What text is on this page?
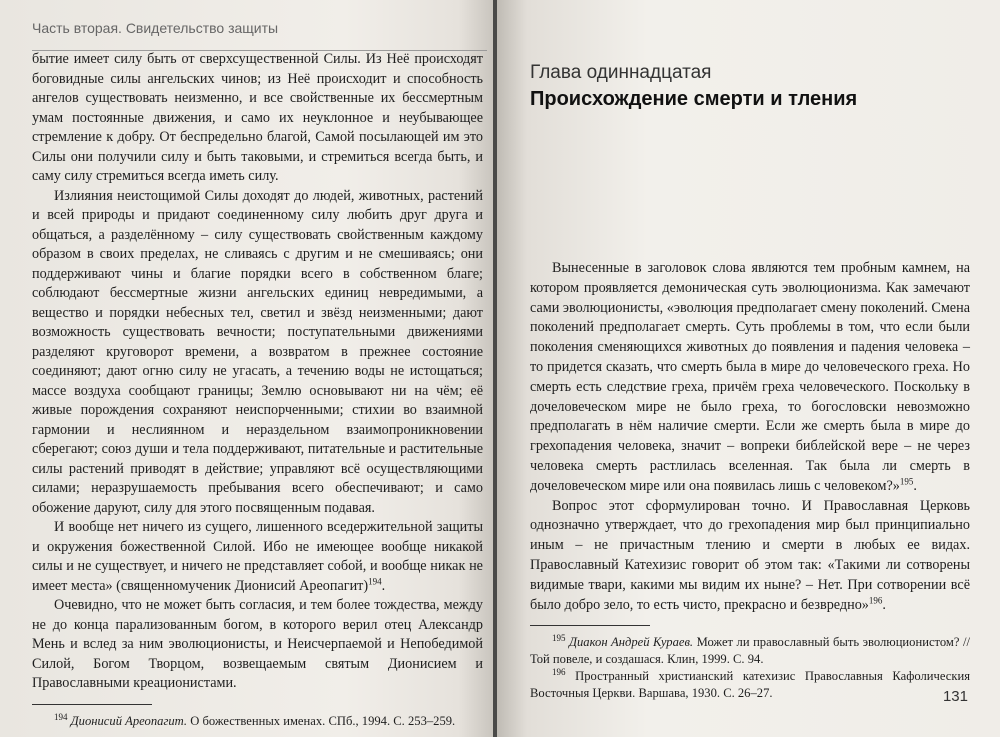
Часть вторая. Свидетельство защиты

бытие имеет силу быть от сверхсущественной Силы. Из Неё происходят боговидные силы ангельских чинов; из Неё происходит и способность ангелов существовать неизменно, и все свойственные их бессмертным умам постоянные движения, и само их неуклонное и неубывающее стремление к добру. От беспредельно благой, Самой посылающей им это Силы они получили силу и быть таковыми, и стремиться всегда быть, и саму силу стремиться всегда иметь силу.

Излияния неистощимой Силы доходят до людей, животных, растений и всей природы и придают соединенному силу любить друг друга и общаться, а разделённому – силу существовать свойственным каждому образом в своих пределах, не сливаясь с другим и не смешиваясь; они поддерживают чины и благие порядки всего в собственном благе; соблюдают бессмертные жизни ангельских единиц невредимыми, а вещество и порядки небесных тел, светил и звёзд неизменными; дают возможность существовать вечности; поступательными движениями разделяют круговорот времени, а возвратом в прежнее состояние соединяют; дают огню силу не угасать, а течению воды не истощаться; массе воздуха сообщают границы; Землю основывают ни на чём; её живые порождения сохраняют неиспорченными; стихии во взаимной гармонии и неслиянном и нераздельном взаимопроникновении сберегают; союз души и тела поддерживают, питательные и растительные силы растений приводят в действие; управляют всё осуществляющими силами; неразрушаемость пребывания всего обеспечивают; и само обожение даруют, силу для этого посвященным подавая.

И вообще нет ничего из сущего, лишенного вседержительной защиты и окружения божественной Силой. Ибо не имеющее вообще никакой силы и не существует, и ничего не представляет собой, и вообще никак не имеет места» (священномученик Дионисий Ареопагит)$^{194}$.

Очевидно, что не может быть согласия, и тем более тождества, между не до конца парализованным богом, в которого верил отец Александр Мень и вслед за ним эволюционисты, и Неисчерпаемой и Непобедимой Силой, Богом Творцом, возвещаемым святым Дионисием и Православными креационистами.

$^{194}$ Дионисий Ареопагит. О божественных именах. СПб., 1994. С. 253–259.

Глава одиннадцатая
Происхождение смерти и тления

Вынесенные в заголовок слова являются тем пробным камнем, на котором проявляется демоническая суть эволюционизма. Как замечают сами эволюционисты, «эволюция предполагает смену поколений. Смена поколений предполагает смерть. Суть проблемы в том, что если были поколения сменяющихся животных до появления и падения человека – то придется сказать, что смерть была в мире до человеческого греха. Но смерть есть следствие греха, причём греха человеческого. Поскольку в дочеловеческом мире не было греха, то богословски невозможно предполагать в нём наличие смерти. Если же смерть была в мире до грехопадения человека, значит – вопреки библейской вере – не через человека смерть растлилась вселенная. Так была ли смерть в дочеловеческом мире или она появилась лишь с человеком?»$^{195}$.

Вопрос этот сформулирован точно. И Православная Церковь однозначно утверждает, что до грехопадения мир был принципиально иным – не причастным тлению и смерти в любых ее видах. Православный Катехизис говорит об этом так: «Такими ли сотворены видимые твари, какими мы видим их ныне? – Нет. При сотворении всё было добро зело, то есть чисто, прекрасно и безвредно»$^{196}$.

$^{195}$ Диакон Андрей Кураев. Может ли православный быть эволюционистом? // Той повеле, и создашася. Клин, 1999. С. 94.

$^{196}$ Пространный христианский катехизис Православныя Кафолическия Восточныя Церкви. Варшава, 1930. С. 26–27.	131
